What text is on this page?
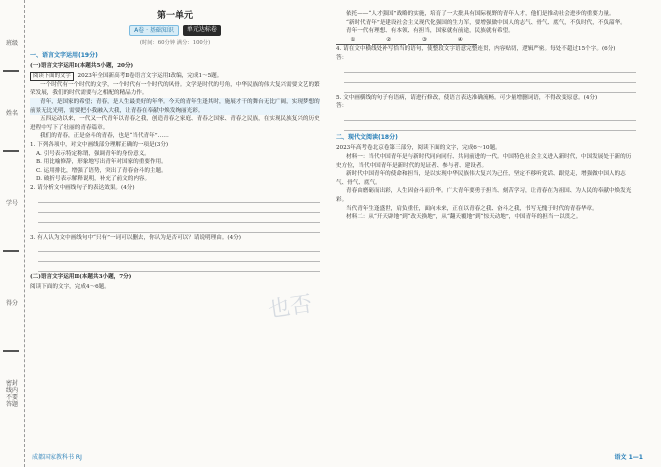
班级
姓名
学号
得分
密封线内不要答题
第一单元
A卷 · 基础知识	单元达标卷
(时间：60分钟 满分：100分)
一、语言文字运用(19分)
(一)语言文字运用Ⅰ(本题共5小题，20分)

阅读下面的文字 2023年全国新高考Ⅱ卷语言文字运用Ⅰ改编，完成1～5题。

一个时代有一个时代的文学，一个时代有一个时代的风骨。文学是时代的号角，中华民族的伟大复兴需要文艺的繁荣发展，我们的时代需要与之相配的精品力作。

青年，是国家的希望；青春，是人生最美好的年华。今天的青年生逢其时，施展才干的舞台无比广阔，实现梦想的前景无比光明，需要把小我融入大我，让青春在奉献中焕发绚丽光彩。

五四运动以来，一代又一代青年以青春之我，创造青春之家庭、青春之国家、青春之民族，在实现民族复兴的历史进程中写下了壮丽的青春篇章。

我们的青春，正是奋斗的青春，也是“当代青年”……

1. 下列各项中，对文中画线部分理解正确的一项是(3分)

A. 引号表示特定称谓，强调青年的身份意义。

B. 用比喻修辞，形象地写出青年对国家的重要作用。

C. 运用排比，增强了语势，突出了青春奋斗的主题。

D. 破折号表示解释说明，补充了前文的内容。

2. 请分析文中画线句子的表达效果。(4分)

3. 有人认为文中画线句中“只有”一词可以删去，你认为是否可以？请说明理由。(4分)

(二)语言文字运用Ⅱ(本题共3小题，7分)

阅读下面的文字，完成4～6题。

依托——“人才强国”战略的实施，培育了一大批具有国际视野的青年人才，他们是推动社会进步的重要力量。

“新时代青年”是建设社会主义现代化强国的生力军，要增强做中国人的志气、骨气、底气，不负时代，不负韶华。

青年一代有理想、有本领、有担当，国家就有前途，民族就有希望。

①	②	③	④

4. 请在文中横线处补写恰当的语句，使整段文字语意完整连贯，内容贴切，逻辑严密。每处不超过15个字。(6分)

答：

5. 文中画横线的句子有语病，请进行修改，使语言表达准确流畅。可少量增删词语，不得改变原意。(4分)

答：

二、现代文阅读(18分)

2023年高考卷北京卷第三部分，阅读下面的文字，完成6～10题。

材料一：当代中国青年是与新时代同向同行、共同前进的一代。中国特色社会主义进入新时代，中国发展处于新的历史方位，当代中国青年是新时代的见证者、参与者、建设者。

新时代中国青年的使命和担当，是以实现中华民族伟大复兴为己任，坚定不移听党话、跟党走，增强做中国人的志气、骨气、底气。

青春由磨砺而出彩，人生因奋斗而升华。广大青年要勇于担当、刻苦学习，让青春在为祖国、为人民的奉献中焕发光彩。

当代青年生逢盛世，肩负重任，面向未来，正在以青春之我、奋斗之我，书写无愧于时代的青春华章。

材料二：从“开天辟地”到“改天换地”，从“翻天覆地”到“惊天动地”，中国青年的担当一以贯之。

也否
成都国家教科书 RJ	语文 1—1
